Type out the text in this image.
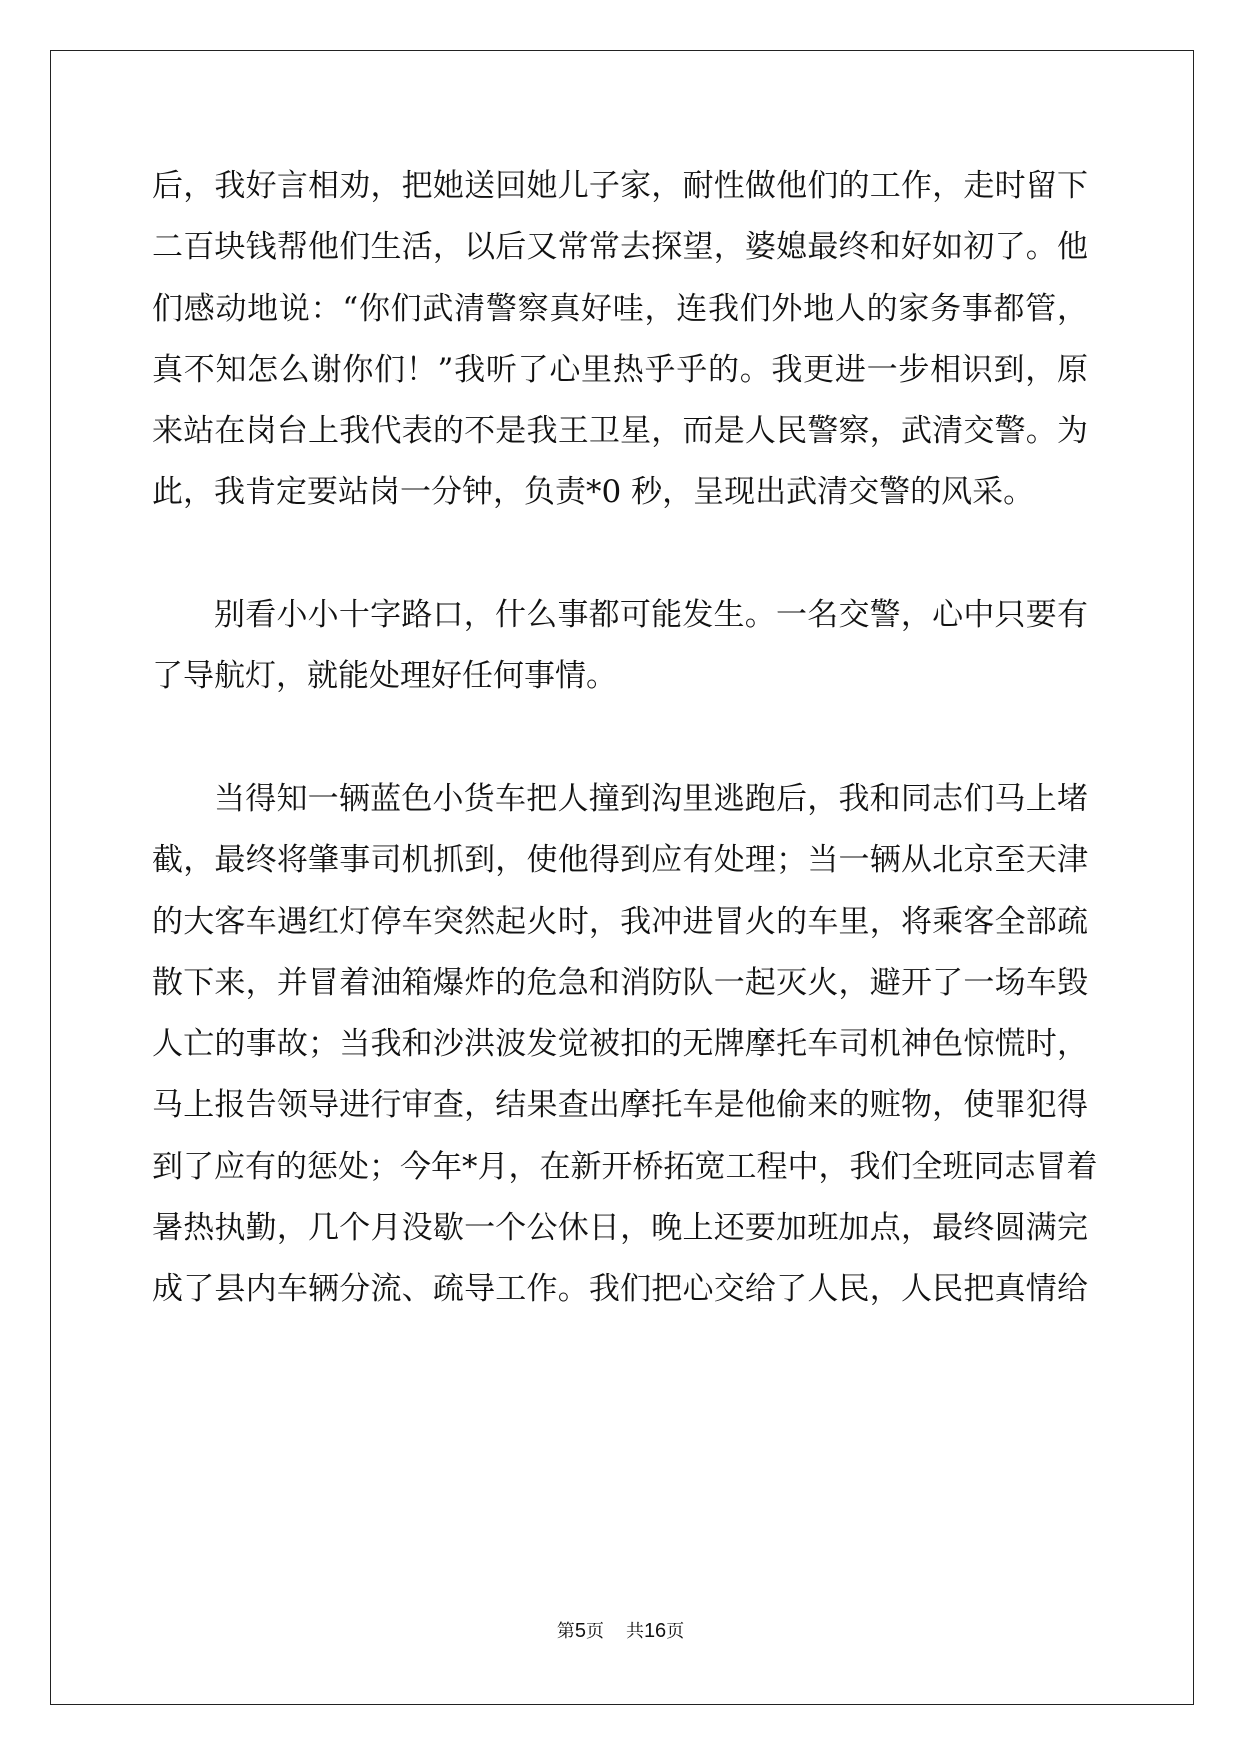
后，我好言相劝，把她送回她儿子家，耐性做他们的工作，走时留下
二百块钱帮他们生活，以后又常常去探望，婆媳最终和好如初了。他
们感动地说：“你们武清警察真好哇，连我们外地人的家务事都管，
真不知怎么谢你们！”我听了心里热乎乎的。我更进一步相识到，原
来站在岗台上我代表的不是我王卫星，而是人民警察，武清交警。为
此，我肯定要站岗一分钟，负责*0 秒，呈现出武清交警的风采。
别看小小十字路口，什么事都可能发生。一名交警，心中只要有
了导航灯，就能处理好任何事情。
当得知一辆蓝色小货车把人撞到沟里逃跑后，我和同志们马上堵
截，最终将肇事司机抓到，使他得到应有处理；当一辆从北京至天津
的大客车遇红灯停车突然起火时，我冲进冒火的车里，将乘客全部疏
散下来，并冒着油箱爆炸的危急和消防队一起灭火，避开了一场车毁
人亡的事故；当我和沙洪波发觉被扣的无牌摩托车司机神色惊慌时，
马上报告领导进行审查，结果查出摩托车是他偷来的赃物，使罪犯得
到了应有的惩处；今年*月，在新开桥拓宽工程中，我们全班同志冒着
暑热执勤，几个月没歇一个公休日，晚上还要加班加点，最终圆满完
成了县内车辆分流、疏导工作。我们把心交给了人民，人民把真情给
第5页 共16页
